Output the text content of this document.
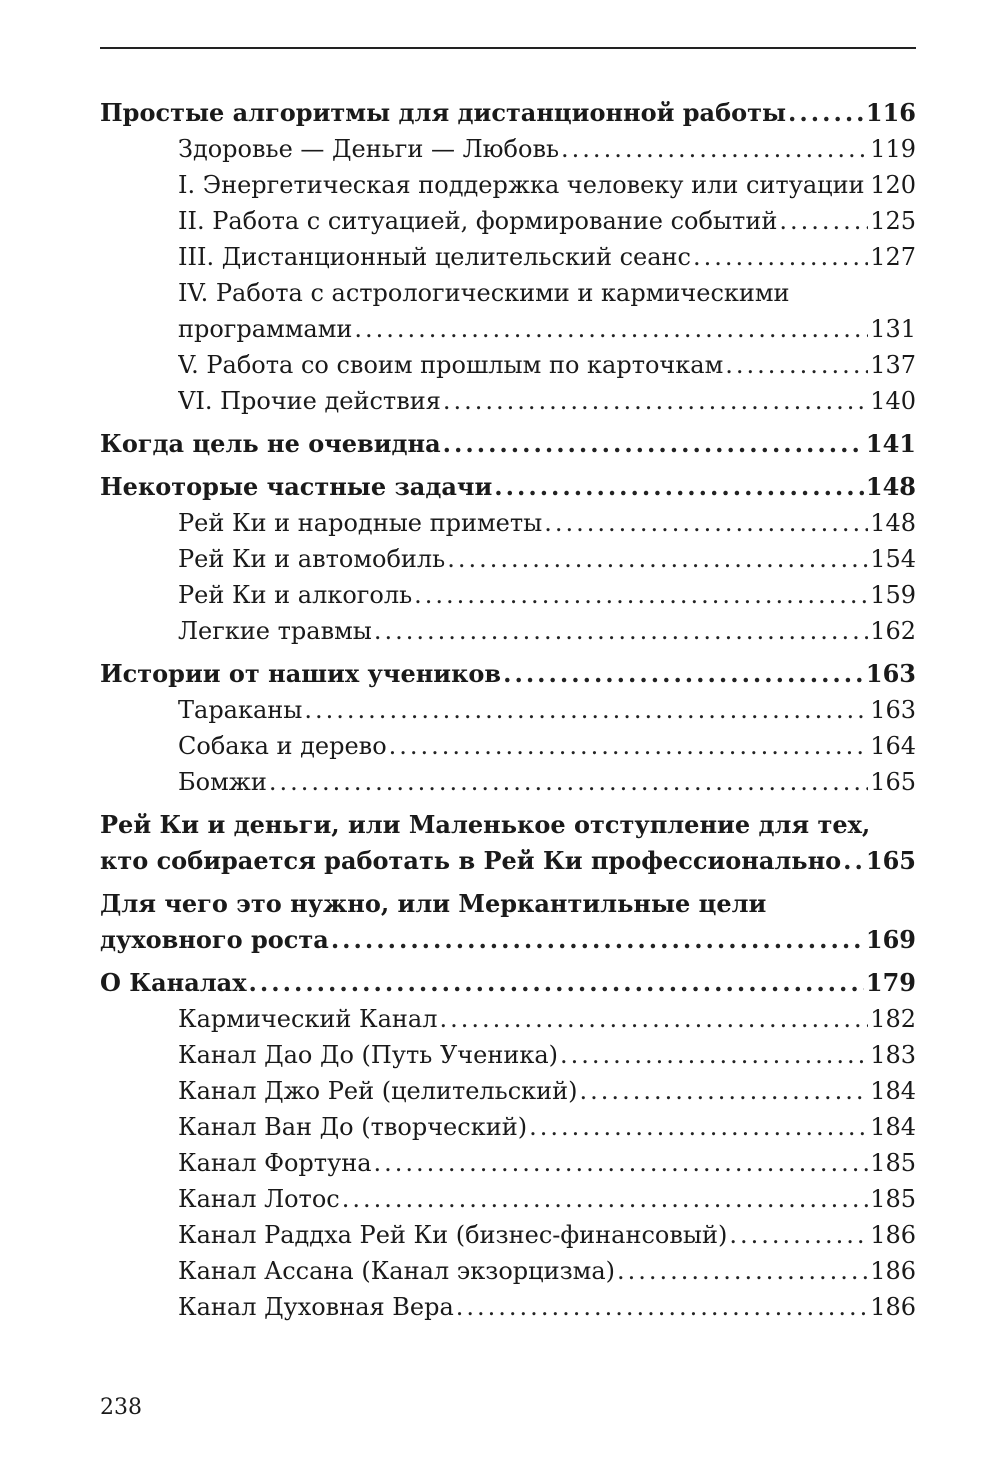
Простые алгоритмы для дистанционной работы .....	116
Здоровье — Деньги — Любовь .....	119
I. Энергетическая поддержка человеку или ситуации ..... 120
II. Работа с ситуацией, формирование событий .....	125
III. Дистанционный целительский сеанс .....	127
IV. Работа с астрологическими и кармическими
программами .....	131
V. Работа со своим прошлым по карточкам .....	137
VI. Прочие действия .....	140
Когда цель не очевидна .....	141
Некоторые частные задачи .....	148
Рей Ки и народные приметы .....	148
Рей Ки и автомобиль .....	154
Рей Ки и алкоголь .....	159
Легкие травмы .....	162
Истории от наших учеников .....	163
Тараканы .....	163
Собака и дерево .....	164
Бомжи .....	165
Рей Ки и деньги, или Маленькое отступление для тех,
кто собирается работать в Рей Ки профессионально ..... 165
Для чего это нужно, или Меркантильные цели
духовного роста .....	169
О Каналах .....	179
Кармический Канал .....	182
Канал Дао До (Путь Ученика) .....	183
Канал Джо Рей (целительский) .....	184
Канал Ван До (творческий) .....	184
Канал Фортуна .....	185
Канал Лотос .....	185
Канал Раддха Рей Ки (бизнес-финансовый) .....	186
Канал Ассана (Канал экзорцизма) .....	186
Канал Духовная Вера .....	186
238
